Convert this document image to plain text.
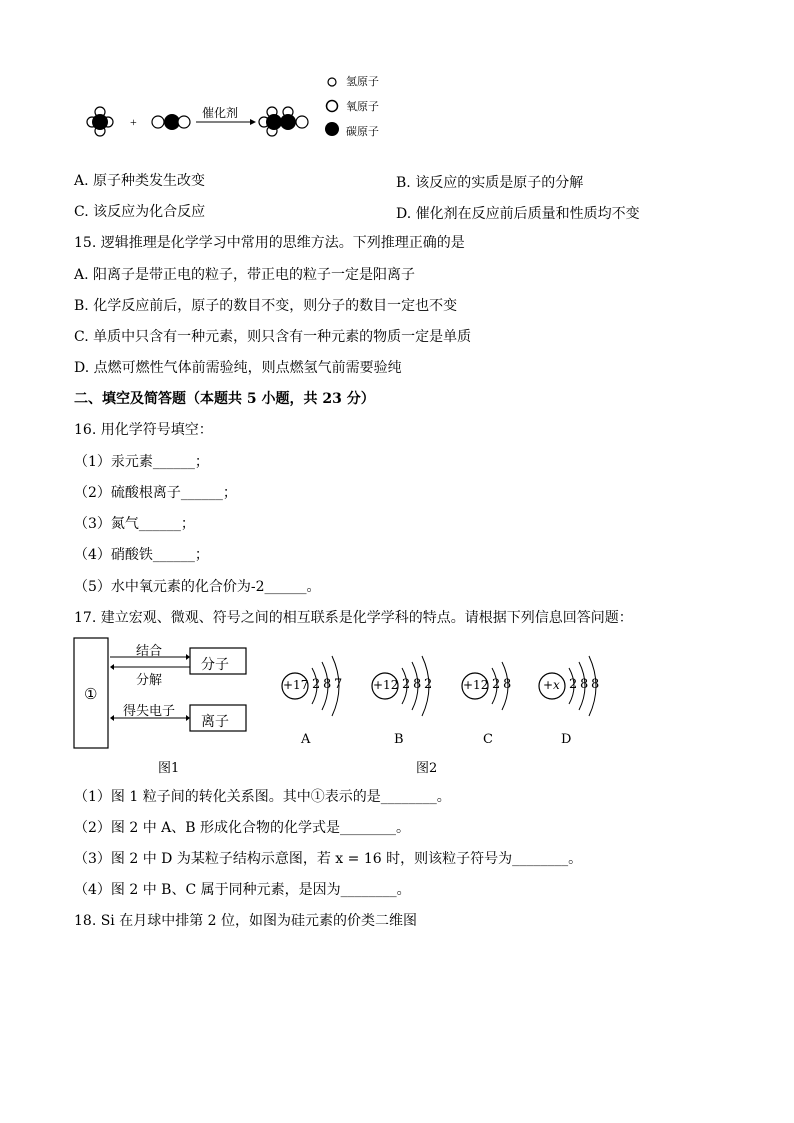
+
催化剂
氢原子
氧原子
碳原子
A. 原子种类发生改变	B. 该反应的实质是原子的分解
C. 该反应为化合反应	D. 催化剂在反应前后质量和性质均不变
15. 逻辑推理是化学学习中常用的思维方法。下列推理正确的是
A. 阳离子是带正电的粒子，带正电的粒子一定是阳离子
B. 化学反应前后，原子的数目不变，则分子的数目一定也不变
C. 单质中只含有一种元素，则只含有一种元素的物质一定是单质
D. 点燃可燃性气体前需验纯，则点燃氢气前需要验纯
二、填空及简答题（本题共 5 小题，共 23 分）
16. 用化学符号填空：
（1）汞元素______；
（2）硫酸根离子______；
（3）氮气______；
（4）硝酸铁______；
（5）水中氧元素的化合价为-2______。
17. 建立宏观、微观、符号之间的相互联系是化学学科的特点。请根据下列信息回答问题：
①
结合
分解
得失电子
分子
离子
图1
+17 2 8 7
A
+12 2 8 2
B
+12 2 8
C
+x 2 8 8
D
图2
（1）图 1 粒子间的转化关系图。其中①表示的是________。
（2）图 2 中 A、B 形成化合物的化学式是________。
（3）图 2 中 D 为某粒子结构示意图，若 x = 16 时，则该粒子符号为________。
（4）图 2 中 B、C 属于同种元素，是因为________。
18. Si 在月球中排第 2 位，如图为硅元素的价类二维图
